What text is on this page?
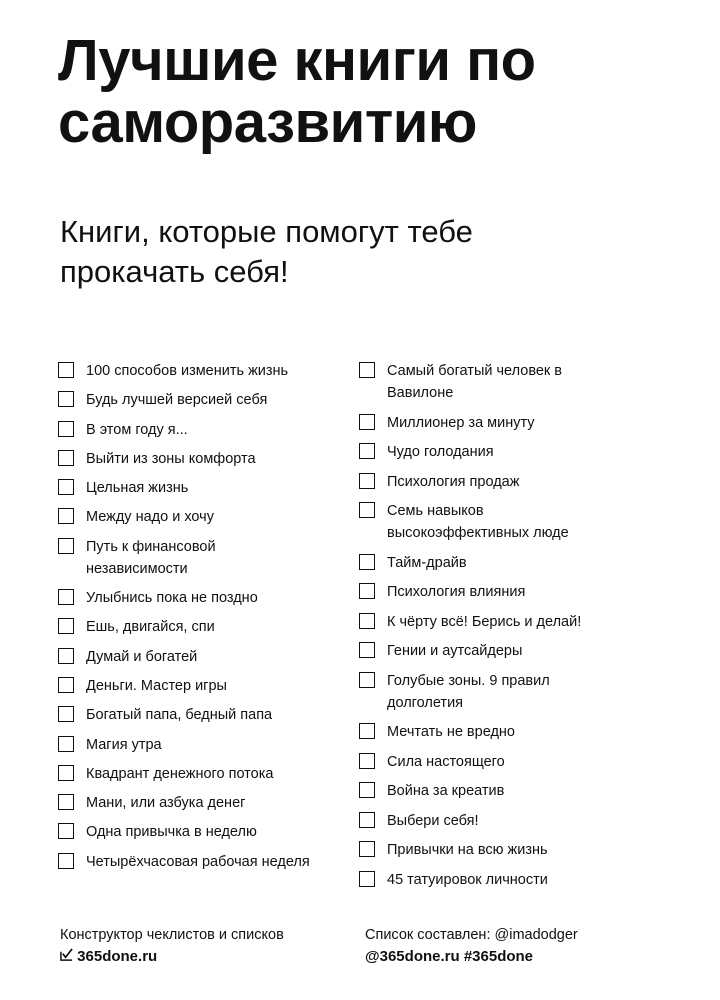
Лучшие книги по
саморазвитию

Книги, которые помогут тебе
прокачать себя!

100 способов изменить жизнь
Будь лучшей версией себя
В этом году я...
Выйти из зоны комфорта
Цельная жизнь
Между надо и хочу
Путь к финансовой
независимости
Улыбнись пока не поздно
Ешь, двигайся, спи
Думай и богатей
Деньги. Мастер игры
Богатый папа, бедный папа
Магия утра
Квадрант денежного потока
Мани, или азбука денег
Одна привычка в неделю
Четырёхчасовая рабочая неделя
Самый богатый человек в
Вавилоне
Миллионер за минуту
Чудо голодания
Психология продаж
Семь навыков
высокоэффективных люде
Тайм-драйв
Психология влияния
К чёрту всё! Берись и делай!
Гении и аутсайдеры
Голубые зоны. 9 правил
долголетия
Мечтать не вредно
Сила настоящего
Война за креатив
Выбери себя!
Привычки на всю жизнь
45 татуировок личности
Конструктор чеклистов и списков
365done.ru
Список составлен: @imadodger
@365done.ru #365done
